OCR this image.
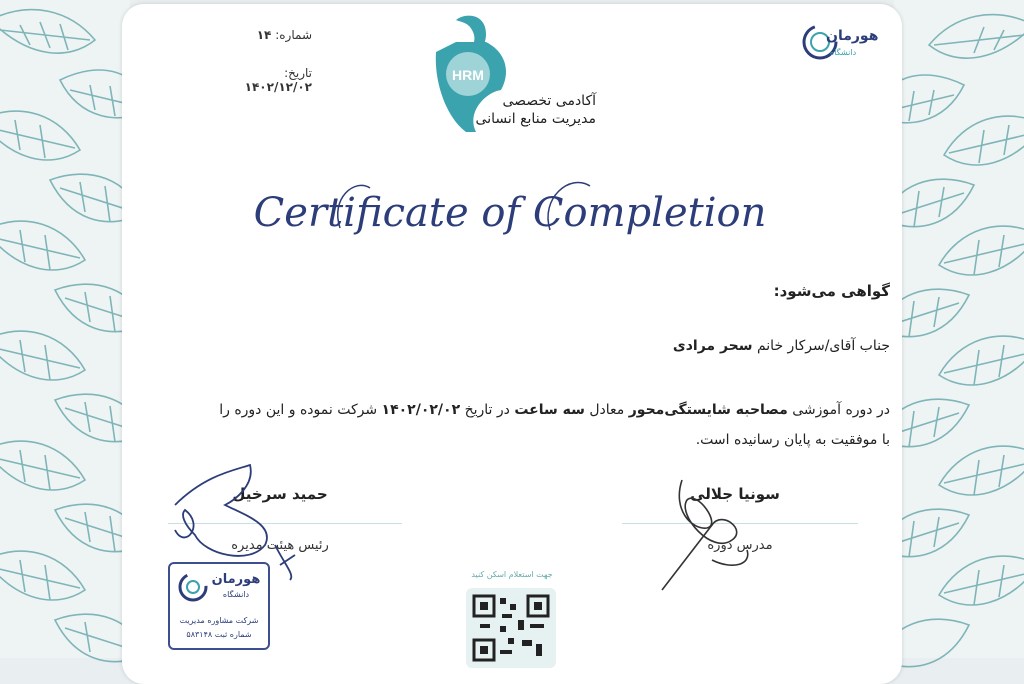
شماره: ۱۴
تاریخ: ۱۴۰۲/۱۲/۰۲
هورمان
دانشگاه
HRM
آکادمی تخصصی
مدیریت منابع انسانی
Certificate of Completion
گواهی می‌شود:
جناب آقای/سرکار خانم سحر مرادی
در دوره آموزشی مصاحبه شایستگی‌محور معادل سه ساعت در تاریخ ۱۴۰۲/۰۲/۰۲ شرکت نموده و این دوره را
با موفقیت به پایان رسانیده است.
سونیا جلالی
مدرس دوره
حمید سرخیل
رئیس هیئت مدیره
هورمان
دانشگاه
شرکت مشاوره مدیریت
شماره ثبت ۵۸۳۱۴۸
جهت استعلام اسکن کنید
